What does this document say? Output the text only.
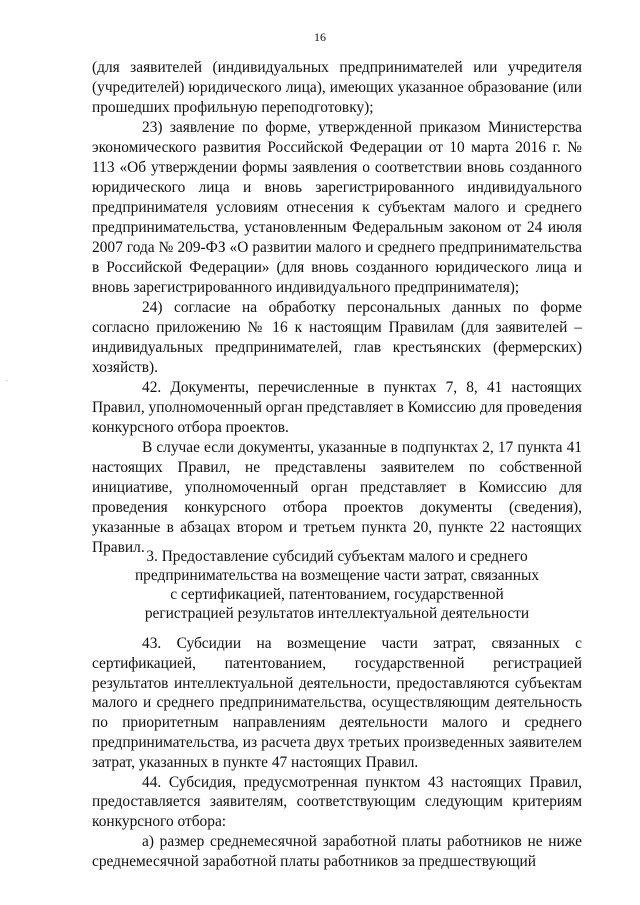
16
.

(для заявителей (индивидуальных предпринимателей или учредителя (учредителей) юридического лица), имеющих указанное образование (или прошедших профильную переподготовку);

23) заявление по форме, утвержденной приказом Министерства экономического развития Российской Федерации от 10 марта 2016 г. № 113 «Об утверждении формы заявления о соответствии вновь созданного юридического лица и вновь зарегистрированного индивидуального предпринимателя условиям отнесения к субъектам малого и среднего предпринимательства, установленным Федеральным законом от 24 июля 2007 года № 209-ФЗ «О развитии малого и среднего предпринимательства в Российской Федерации» (для вновь созданного юридического лица и вновь зарегистрированного индивидуального предпринимателя);

24) согласие на обработку персональных данных по форме согласно приложению № 16 к настоящим Правилам (для заявителей – индивидуальных предпринимателей, глав крестьянских (фермерских) хозяйств).

42. Документы, перечисленные в пунктах 7, 8, 41 настоящих Правил, уполномоченный орган представляет в Комиссию для проведения конкурсного отбора проектов.

В случае если документы, указанные в подпунктах 2, 17 пункта 41 настоящих Правил, не представлены заявителем по собственной инициативе, уполномоченный орган представляет в Комиссию для проведения конкурсного отбора проектов документы (сведения), указанные в абзацах втором и третьем пункта 20, пункте 22 настоящих Правил.

3. Предоставление субсидий субъектам малого и среднего
предпринимательства на возмещение части затрат, связанных
с сертификацией, патентованием, государственной
регистрацией результатов интеллектуальной деятельности

43. Субсидии на возмещение части затрат, связанных с сертификацией, патентованием, государственной регистрацией результатов интеллектуальной деятельности, предоставляются субъектам малого и среднего предпринимательства, осуществляющим деятельность по приоритетным направлениям деятельности малого и среднего предпринимательства, из расчета двух третьих произведенных заявителем затрат, указанных в пункте 47 настоящих Правил.

44. Субсидия, предусмотренная пунктом 43 настоящих Правил, предоставляется заявителям, соответствующим следующим критериям конкурсного отбора:

а) размер среднемесячной заработной платы работников не ниже среднемесячной заработной платы работников за предшествующий
